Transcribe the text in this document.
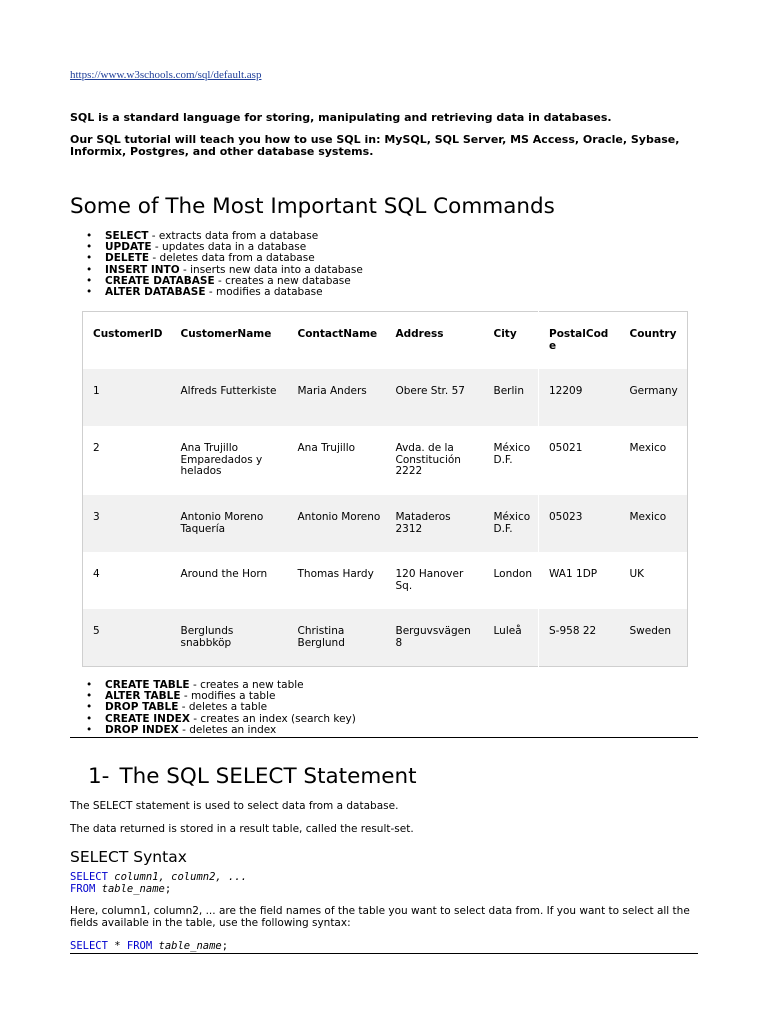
https://www.w3schools.com/sql/default.asp

SQL is a standard language for storing, manipulating and retrieving data in databases.

Our SQL tutorial will teach you how to use SQL in: MySQL, SQL Server, MS Access, Oracle, Sybase, Informix, Postgres, and other database systems.

Some of The Most Important SQL Commands
• SELECT - extracts data from a database
• UPDATE - updates data in a database
• DELETE - deletes data from a database
• INSERT INTO - inserts new data into a database
• CREATE DATABASE - creates a new database
• ALTER DATABASE - modifies a database
CustomerID	CustomerName	ContactName	Address	City	PostalCode	Country
1	Alfreds Futterkiste	Maria Anders	Obere Str. 57	Berlin	12209	Germany
2	Ana Trujillo Emparedados y helados	Ana Trujillo	Avda. de la Constitución 2222	México D.F.	05021	Mexico
3	Antonio Moreno Taquería	Antonio Moreno	Mataderos 2312	México D.F.	05023	Mexico
4	Around the Horn	Thomas Hardy	120 Hanover Sq.	London	WA1 1DP	UK
5	Berglunds snabbköp	Christina Berglund	Berguvsvägen 8	Luleå	S-958 22	Sweden
• CREATE TABLE - creates a new table
• ALTER TABLE - modifies a table
• DROP TABLE - deletes a table
• CREATE INDEX - creates an index (search key)
• DROP INDEX - deletes an index
1- The SQL SELECT Statement

The SELECT statement is used to select data from a database.

The data returned is stored in a result table, called the result-set.

SELECT Syntax
SELECT column1, column2, ...
FROM table_name;

Here, column1, column2, ... are the field names of the table you want to select data from. If you want to select all the fields available in the table, use the following syntax:

SELECT * FROM table_name;
